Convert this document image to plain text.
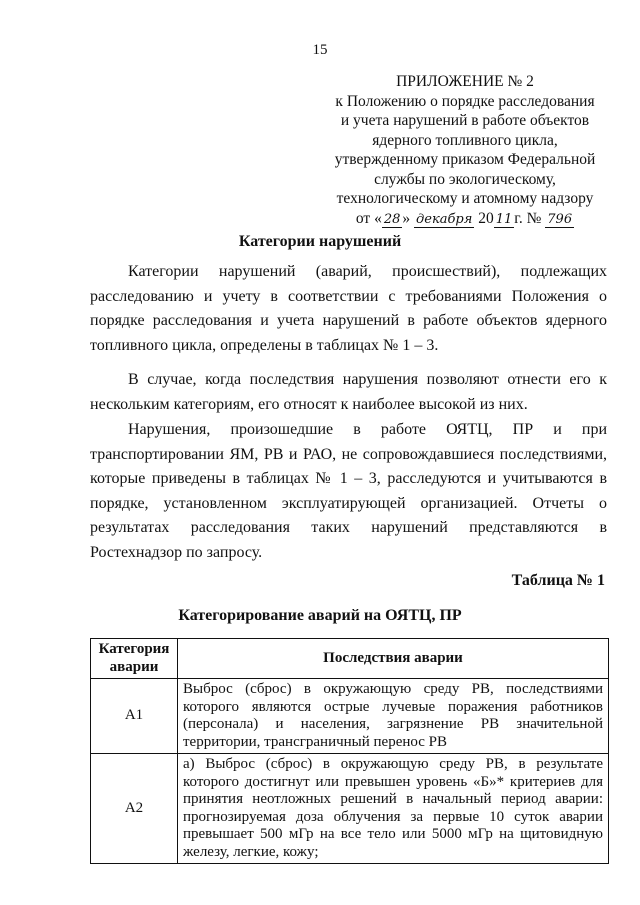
15
ПРИЛОЖЕНИЕ № 2
к Положению о порядке расследования
и учета нарушений в работе объектов
ядерного топливного цикла,
утвержденному приказом Федеральной
службы по экологическому,
технологическому и атомному надзору
от « 28 » декабря 20 11 г. № 796
Категории нарушений

Категории нарушений (аварий, происшествий), подлежащих расследованию и учету в соответствии с требованиями Положения о порядке расследования и учета нарушений в работе объектов ядерного топливного цикла, определены в таблицах № 1 – 3.

В случае, когда последствия нарушения позволяют отнести его к нескольким категориям, его относят к наиболее высокой из них.

Нарушения, произошедшие в работе ОЯТЦ, ПР и при транспортировании ЯМ, РВ и РАО, не сопровождавшиеся последствиями, которые приведены в таблицах № 1 – 3, расследуются и учитываются в порядке, установленном эксплуатирующей организацией. Отчеты о результатах расследования таких нарушений представляются в Ростехнадзор по запросу.

Таблица № 1
Категорирование аварий на ОЯТЦ, ПР
Категория аварии	Последствия аварии
А1	Выброс (сброс) в окружающую среду РВ, последствиями которого являются острые лучевые поражения работников (персонала) и населения, загрязнение РВ значительной территории, трансграничный перенос РВ
А2	а) Выброс (сброс) в окружающую среду РВ, в результате которого достигнут или превышен уровень «Б»* критериев для принятия неотложных решений в начальный период аварии: прогнозируемая доза облучения за первые 10 суток аварии превышает 500 мГр на все тело или 5000 мГр на щитовидную железу, легкие, кожу;
